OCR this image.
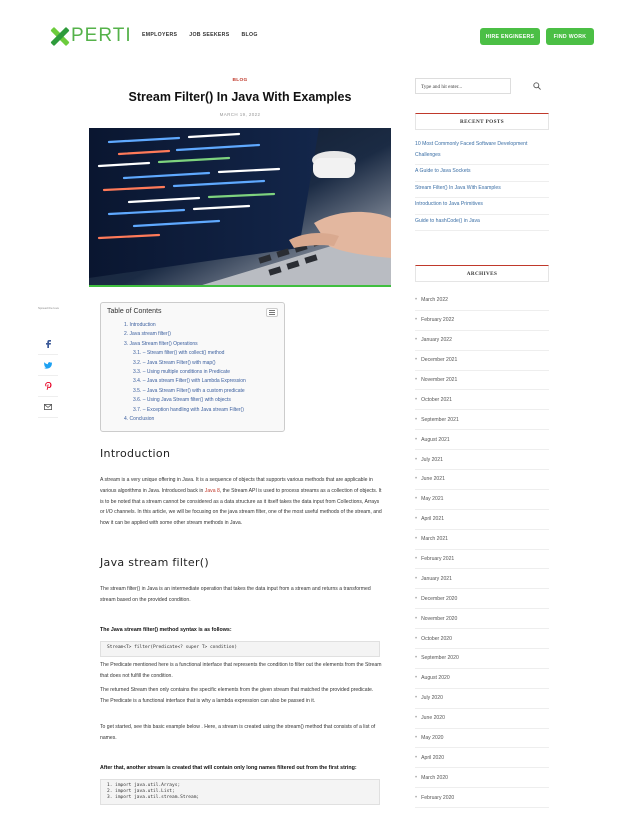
PERTI EMPLOYERS JOB SEEKERS BLOG	HIRE ENGINEERS	FIND WORK
BLOG
Stream Filter() In Java With Examples
MARCH 19, 2022
Spread the love	Table of Contents
1. Introduction
2. Java stream filter()
3. Java Stream filter() Operations
3.1. – Stream filter() with collect() method
3.2. – Java Stream Filter() with map()
3.3. – Using multiple conditions in Predicate
3.4. – Java stream Filter() with Lambda Expression
3.5. – Java Stream Filter() with a custom predicate
3.6. – Using Java Stream filter() with objects
3.7. – Exception handling with Java stream Filter()
4. Conclusion
Introduction
A stream is a very unique offering in Java. It is a sequence of objects that supports various methods that are applicable in various algorithms in Java. Introduced back in Java 8, the Stream API is used to process streams as a collection of objects. It is to be noted that a stream cannot be considered as a data structure as it itself takes the data input from Collections, Arrays or I/O channels. In this article, we will be focusing on the java stream filter, one of the most useful methods of the stream, and how it can be applied with some other stream methods in Java.
Java stream filter()
The stream filter() in Java is an intermediate operation that takes the data input from a stream and returns a transformed stream based on the provided condition.
The Java stream filter() method syntax is as follows:
Stream<T> filter(Predicate<? super T> condition)
The Predicate mentioned here is a functional interface that represents the condition to filter out the elements from the Stream that does not fulfill the condition.
The returned Stream then only contains the specific elements from the given stream that matched the provided predicate. The Predicate is a functional interface that is why a lambda expression can also be passed in it.
To get started, see this basic example below . Here, a stream is created using the stream() method that consists of a list of names.
After that, another stream is created that will contain only long names filtered out from the first string:
1. import java.util.Arrays;
2. import java.util.List;
3. import java.util.stream.Stream;
Type and hit enter...
RECENT POSTS
10 Most Commonly Faced Software Development Challenges
A Guide to Java Sockets
Stream Filter() In Java With Examples
Introduction to Java Primitives
Guide to hashCode() in Java
ARCHIVES
• March 2022
• February 2022
• January 2022
• December 2021
• November 2021
• October 2021
• September 2021
• August 2021
• July 2021
• June 2021
• May 2021
• April 2021
• March 2021
• February 2021
• January 2021
• December 2020
• November 2020
• October 2020
• September 2020
• August 2020
• July 2020
• June 2020
• May 2020
• April 2020
• March 2020
• February 2020
